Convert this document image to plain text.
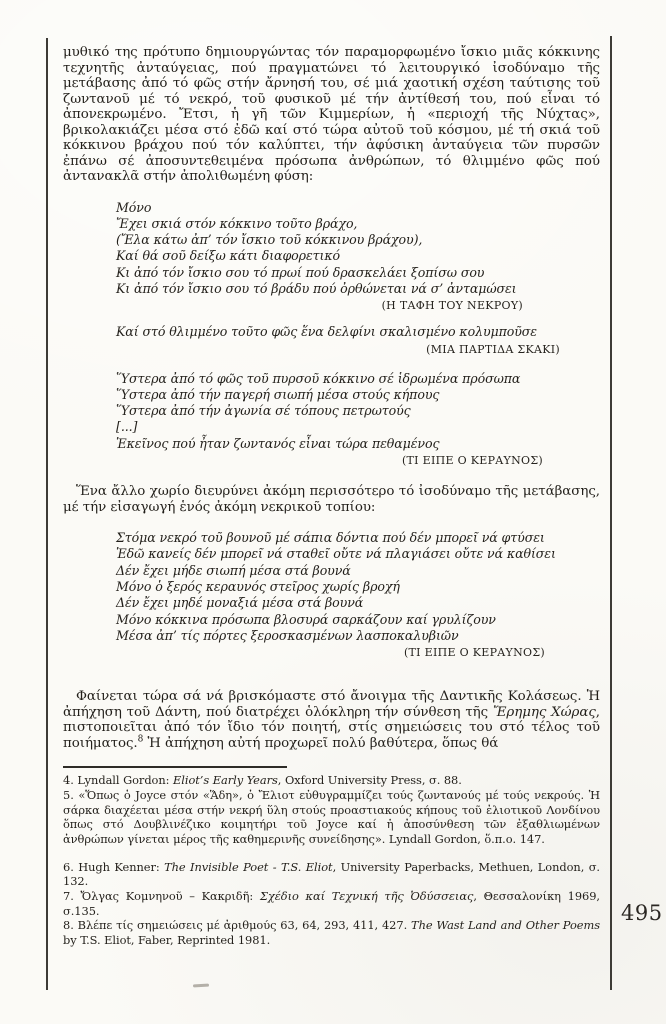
495

μυθικό της πρότυπο δημιουργώντας τόν παραμορφωμένο ἴσκιο μιᾶς κόκκινης τεχνητῆς ἀνταύγειας, πού πραγματώνει τό λειτουργικό ἰσοδύναμο τῆς μετάβασης ἀπό τό φῶς στήν ἄρνησή του, σέ μιά χαοτική σχέση ταύτισης τοῦ ζωντανοῦ μέ τό νεκρό, τοῦ φυσικοῦ μέ τήν ἀντίθεσή του, πού εἶναι τό ἀπονεκρωμένο. Ἔτσι, ἡ γῆ τῶν Κιμμερίων, ἡ «περιοχή τῆς Νύχτας», βρικολακιάζει μέσα στό ἐδῶ καί στό τώρα αὐτοῦ τοῦ κόσμου, μέ τή σκιά τοῦ κόκκινου βράχου πού τόν καλύπτει, τήν ἀφύσικη ἀνταύγεια τῶν πυρσῶν ἐπάνω σέ ἀποσυντεθειμένα πρόσωπα ἀνθρώπων, τό θλιμμένο φῶς πού ἀντανακλᾶ στήν ἀπολιθωμένη φύση:

Μόνο
Ἔχει σκιά στόν κόκκινο τοῦτο βράχο,
(Ἔλα κάτω ἀπ’ τόν ἴσκιο τοῦ κόκκινου βράχου),
Καί θά σοῦ δείξω κάτι διαφορετικό
Κι ἀπό τόν ἴσκιο σου τό πρωί πού δρασκελάει ξοπίσω σου
Κι ἀπό τόν ἴσκιο σου τό βράδυ πού ὀρθώνεται νά σ’ ἀνταμώσει
(Η ΤΑΦΗ ΤΟΥ ΝΕΚΡΟΥ)
Καί στό θλιμμένο τοῦτο φῶς ἕνα δελφίνι σκαλισμένο κολυμποῦσε
(ΜΙΑ ΠΑΡΤΙΔΑ ΣΚΑΚΙ)
Ὕστερα ἀπό τό φῶς τοῦ πυρσοῦ κόκκινο σέ ἱδρωμένα πρόσωπα
Ὕστερα ἀπό τήν παγερή σιωπή μέσα στούς κήπους
Ὕστερα ἀπό τήν ἀγωνία σέ τόπους πετρωτούς
[...]
Ἐκεῖνος πού ἦταν ζωντανός εἶναι τώρα πεθαμένος
(ΤΙ ΕΙΠΕ Ο ΚΕΡΑΥΝΟΣ)

Ἕνα ἄλλο χωρίο διευρύνει ἀκόμη περισσότερο τό ἰσοδύναμο τῆς μετάβασης, μέ τήν εἰσαγωγή ἑνός ἀκόμη νεκρικοῦ τοπίου:

Στόμα νεκρό τοῦ βουνοῦ μέ σάπια δόντια πού δέν μπορεῖ νά φτύσει
Ἐδῶ κανείς δέν μπορεῖ νά σταθεῖ οὔτε νά πλαγιάσει οὔτε νά καθίσει
Δέν ἔχει μήδε σιωπή μέσα στά βουνά
Μόνο ὁ ξερός κεραυνός στεῖρος χωρίς βροχή
Δέν ἔχει μηδέ μοναξιά μέσα στά βουνά
Μόνο κόκκινα πρόσωπα βλοσυρά σαρκάζουν καί γρυλίζουν
Μέσα ἀπ’ τίς πόρτες ξεροσκασμένων λασποκαλυβιῶν
(ΤΙ ΕΙΠΕ Ο ΚΕΡΑΥΝΟΣ)

Φαίνεται τώρα σά νά βρισκόμαστε στό ἄνοιγμα τῆς Δαντικῆς Κολάσεως. Ἡ ἀπήχηση τοῦ Δάντη, πού διατρέχει ὁλόκληρη τήν σύνθεση τῆς Ἔρημης Χώρας, πιστοποιεῖται ἀπό τόν ἴδιο τόν ποιητή, στίς σημειώσεις του στό τέλος τοῦ ποιήματος.$^8$ Ἡ ἀπήχηση αὐτή προχωρεῖ πολύ βαθύτερα, ὅπως θά

4. Lyndall Gordon: Eliot’s Early Years, Oxford University Press, σ. 88.

5. «Ὅπως ὁ Joyce στόν «Ἅδη», ὁ Ἔλιοτ εὐθυγραμμίζει τούς ζωντανούς μέ τούς νεκρούς. Ἡ σάρκα διαχέεται μέσα στήν νεκρή ὕλη στούς προαστιακούς κήπους τοῦ ἐλιοτικοῦ Λονδίνου ὅπως στό Δουβλινέζικο κοιμητήρι τοῦ Joyce καί ἡ ἀποσύνθεση τῶν ἐξαθλιωμένων ἀνθρώπων γίνεται μέρος τῆς καθημερινῆς συνείδησης». Lyndall Gordon, ὅ.π.ο. 147.

6. Hugh Kenner: The Invisible Poet - T.S. Eliot, University Paperbacks, Methuen, London, σ. 132.

7. Ὄλγας Κομνηνοῦ – Κακριδῆ: Σχέδιο καί Τεχνική τῆς Ὀδύσσειας, Θεσσαλονίκη 1969, σ.135.

8. Βλέπε τίς σημειώσεις μέ ἀριθμούς 63, 64, 293, 411, 427. The Wast Land and Other Poems by T.S. Eliot, Faber, Reprinted 1981.
